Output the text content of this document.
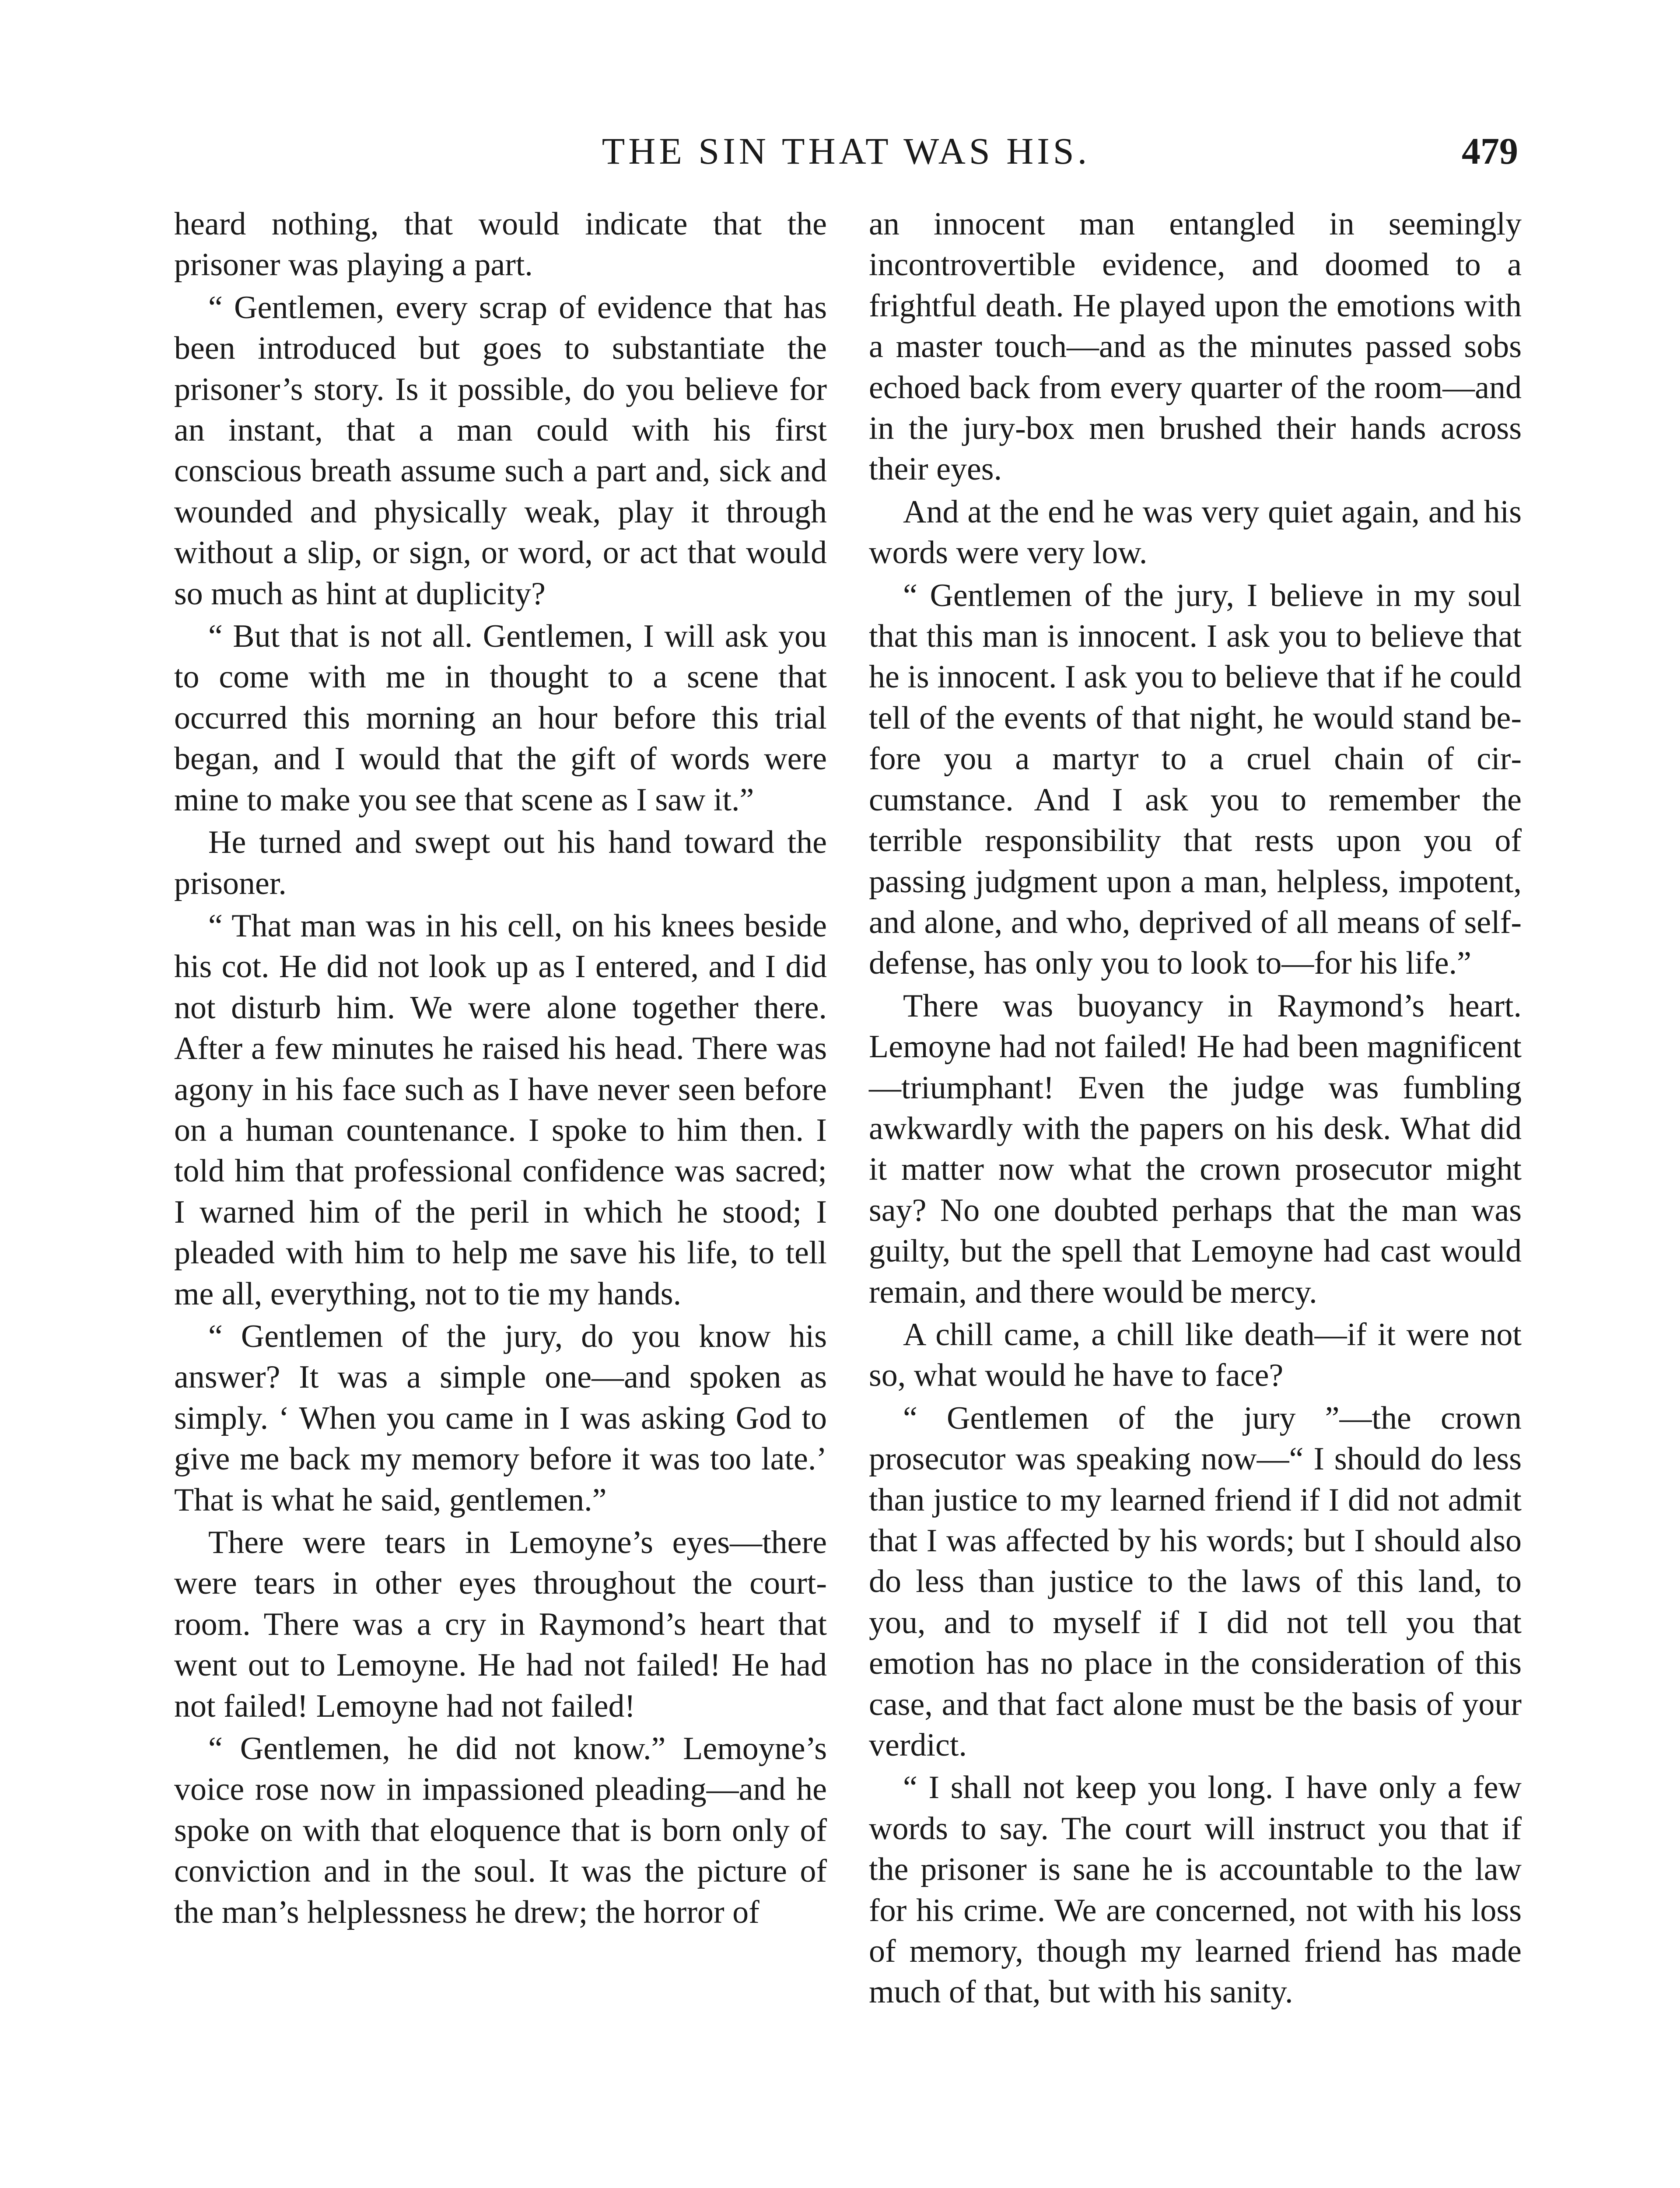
THE SIN THAT WAS HIS.	479

heard nothing, that would indicate that the prisoner was playing a part.

“ Gentlemen, every scrap of evidence that has been introduced but goes to substantiate the prisoner’s story. Is it possible, do you believe for an instant, that a man could with his first conscious breath assume such a part and, sick and wounded and physically weak, play it through without a slip, or sign, or word, or act that would so much as hint at duplicity?

“ But that is not all. Gentlemen, I will ask you to come with me in thought to a scene that occurred this morning an hour before this trial began, and I would that the gift of words were mine to make you see that scene as I saw it.”

He turned and swept out his hand toward the prisoner.

“ That man was in his cell, on his knees beside his cot. He did not look up as I entered, and I did not disturb him. We were alone together there. After a few minutes he raised his head. There was agony in his face such as I have never seen before on a human countenance. I spoke to him then. I told him that professional confidence was sacred; I warned him of the peril in which he stood; I pleaded with him to help me save his life, to tell me all, everything, not to tie my hands.

“ Gentlemen of the jury, do you know his answer? It was a simple one—and spoken as simply. ‘ When you came in I was asking God to give me back my memory before it was too late.’ That is what he said, gentlemen.”

There were tears in Lemoyne’s eyes—there were tears in other eyes throughout the court-room. There was a cry in Raymond’s heart that went out to Lemoyne. He had not failed! He had not failed! Lemoyne had not failed!

“ Gentlemen, he did not know.” Lemoyne’s voice rose now in impassioned pleading—and he spoke on with that eloquence that is born only of conviction and in the soul. It was the picture of the man’s helplessness he drew; the horror of

an innocent man entangled in seemingly incontrovertible evidence, and doomed to a frightful death. He played upon the emotions with a master touch—and as the minutes passed sobs echoed back from every quarter of the room—and in the jury-box men brushed their hands across their eyes.

And at the end he was very quiet again, and his words were very low.

“ Gentlemen of the jury, I believe in my soul that this man is innocent. I ask you to believe that he is innocent. I ask you to believe that if he could tell of the events of that night, he would stand before you a martyr to a cruel chain of circumstance. And I ask you to remember the terrible responsibility that rests upon you of passing judgment upon a man, helpless, impotent, and alone, and who, deprived of all means of self-defense, has only you to look to—for his life.”

There was buoyancy in Raymond’s heart. Lemoyne had not failed! He had been magnificent—triumphant! Even the judge was fumbling awkwardly with the papers on his desk. What did it matter now what the crown prosecutor might say? No one doubted perhaps that the man was guilty, but the spell that Lemoyne had cast would remain, and there would be mercy.

A chill came, a chill like death—if it were not so, what would he have to face?

“ Gentlemen of the jury ”—the crown prosecutor was speaking now—“ I should do less than justice to my learned friend if I did not admit that I was affected by his words; but I should also do less than justice to the laws of this land, to you, and to myself if I did not tell you that emotion has no place in the consideration of this case, and that fact alone must be the basis of your verdict.

“ I shall not keep you long. I have only a few words to say. The court will instruct you that if the prisoner is sane he is accountable to the law for his crime. We are concerned, not with his loss of memory, though my learned friend has made much of that, but with his sanity.
